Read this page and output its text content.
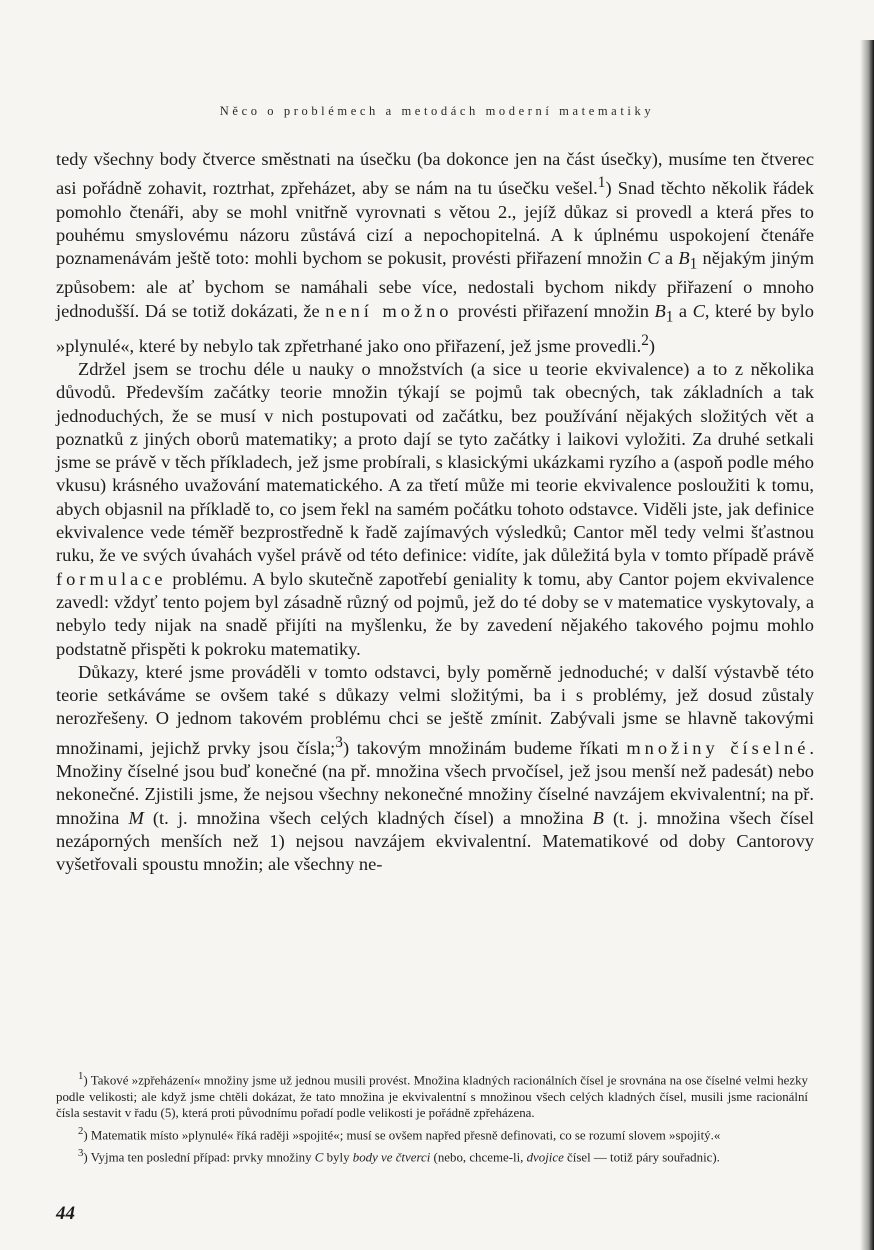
Něco o problémech a metodách moderní matematiky

tedy všechny body čtverce směstnati na úsečku (ba dokonce jen na část úsečky), musíme ten čtverec asi pořádně zohavit, roztrhat, zpřeházet, aby se nám na tu úsečku vešel.$^1$) Snad těchto několik řádek pomohlo čtenáři, aby se mohl vnitřně vyrovnati s větou 2., jejíž důkaz si provedl a která přes to pouhému smyslovému názoru zůstává cizí a nepochopitelná. A k úplnému uspokojení čtenáře poznamenávám ještě toto: mohli bychom se pokusit, provésti přiřazení množin C a $B_1$ nějakým jiným způsobem: ale ať bychom se namáhali sebe více, nedostali bychom nikdy přiřazení o mnoho jednodušší. Dá se totiž dokázati, že není možno provésti přiřazení množin $B_1$ a C, které by bylo »plynulé«, které by nebylo tak zpřetrhané jako ono přiřazení, jež jsme provedli.$^2$)

Zdržel jsem se trochu déle u nauky o množstvích (a sice u teorie ekvivalence) a to z několika důvodů. Především začátky teorie množin týkají se pojmů tak obecných, tak základních a tak jednoduchých, že se musí v nich postupovati od začátku, bez používání nějakých složitých vět a poznatků z jiných oborů matematiky; a proto dají se tyto začátky i laikovi vyložiti. Za druhé setkali jsme se právě v těch příkladech, jež jsme probírali, s klasickými ukázkami ryzího a (aspoň podle mého vkusu) krásného uvažování matematického. A za třetí může mi teorie ekvivalence posloužiti k tomu, abych objasnil na příkladě to, co jsem řekl na samém počátku tohoto odstavce. Viděli jste, jak definice ekvivalence vede téměř bezprostředně k řadě zajímavých výsledků; Cantor měl tedy velmi šťastnou ruku, že ve svých úvahách vyšel právě od této definice: vidíte, jak důležitá byla v tomto případě právě formulace problému. A bylo skutečně zapotřebí geniality k tomu, aby Cantor pojem ekvivalence zavedl: vždyť tento pojem byl zásadně různý od pojmů, jež do té doby se v matematice vyskytovaly, a nebylo tedy nijak na snadě přijíti na myšlenku, že by zavedení nějakého takového pojmu mohlo podstatně přispěti k pokroku matematiky.

Důkazy, které jsme prováděli v tomto odstavci, byly poměrně jednoduché; v další výstavbě této teorie setkáváme se ovšem také s důkazy velmi složitými, ba i s problémy, jež dosud zůstaly nerozřešeny. O jednom takovém problému chci se ještě zmínit. Zabývali jsme se hlavně takovými množinami, jejichž prvky jsou čísla;$^3$) takovým množinám budeme říkati množiny číselné. Množiny číselné jsou buď konečné (na př. množina všech prvočísel, jež jsou menší než padesát) nebo nekonečné. Zjistili jsme, že nejsou všechny nekonečné množiny číselné navzájem ekvivalentní; na př. množina M (t. j. množina všech celých kladných čísel) a množina B (t. j. množina všech čísel nezáporných menších než 1) nejsou navzájem ekvivalentní. Matematikové od doby Cantorovy vyšetřovali spoustu množin; ale všechny ne-

$^1$) Takové »zpřeházení« množiny jsme už jednou musili provést. Množina kladných racionálních čísel je srovnána na ose číselné velmi hezky podle velikosti; ale když jsme chtěli dokázat, že tato množina je ekvivalentní s množinou všech celých kladných čísel, musili jsme racionální čísla sestavit v řadu (5), která proti původnímu pořadí podle velikosti je pořádně zpřeházena.

$^2$) Matematik místo »plynulé« říká raději »spojité«; musí se ovšem napřed přesně definovati, co se rozumí slovem »spojitý.«

$^3$) Vyjma ten poslední případ: prvky množiny C byly body ve čtverci (nebo, chceme-li, dvojice čísel — totiž páry souřadnic).

44
